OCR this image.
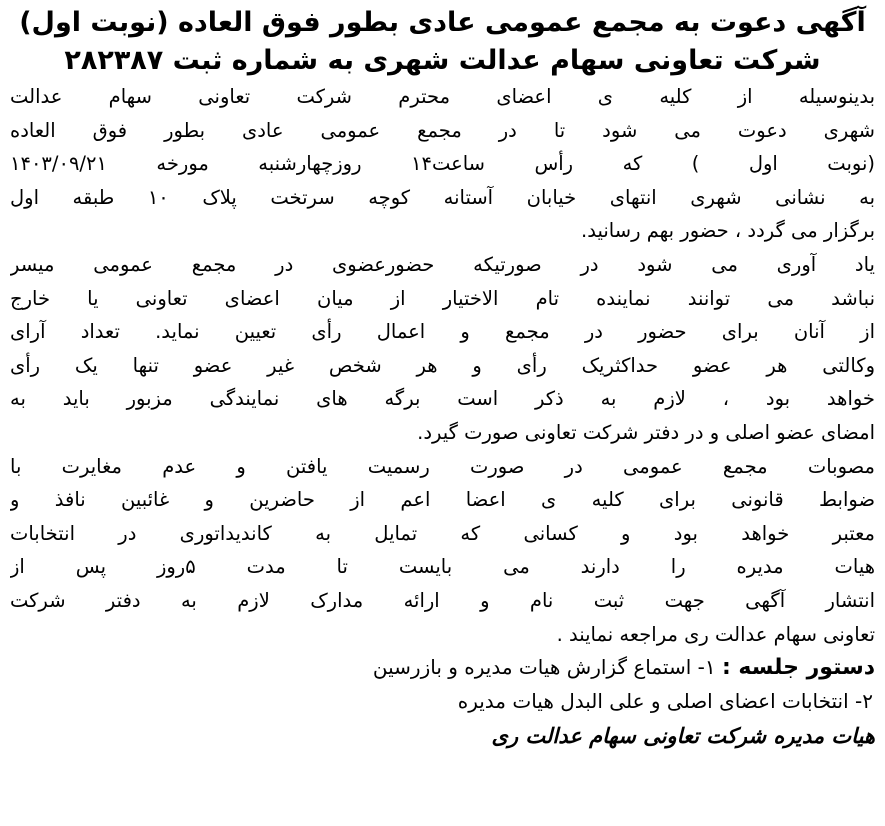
آگهی دعوت به مجمع عمومی عادی بطور فوق العاده (نوبت اول)
شرکت تعاونی سهام عدالت شهری به شماره ثبت ۲۸۲۳۸۷

بدینوسیله از کلیه ی اعضای محترم شرکت تعاونی سهام عدالت
شهری دعوت می شود تا در مجمع عمومی عادی بطور فوق العاده
(نوبت اول ) که رأس ساعت۱۴ روزچهارشنبه مورخه ۱۴۰۳/۰۹/۲۱
به نشانی شهری انتهای خیابان آستانه کوچه سرتخت پلاک ۱۰ طبقه اول
برگزار می گردد ، حضور بهم رسانید.

یاد آوری می شود در صورتیکه حضورعضوی در مجمع عمومی میسر
نباشد می توانند نماینده تام الاختیار از میان اعضای تعاونی یا خارج
از آنان برای حضور در مجمع و اعمال رأی تعیین نماید. تعداد آرای
وکالتی هر عضو حداکثریک رأی و هر شخص غیر عضو تنها یک رأی
خواهد بود ، لازم به ذکر است برگه های نمایندگی مزبور باید به
امضای عضو اصلی و در دفتر شرکت تعاونی صورت گیرد.

مصوبات مجمع عمومی در صورت رسمیت یافتن و عدم مغایرت با
ضوابط قانونی برای کلیه ی اعضا اعم از حاضرین و غائبین نافذ و
معتبر خواهد بود و کسانی که تمایل به کاندیداتوری در انتخابات
هیات مدیره را دارند می بایست تا مدت ۵روز پس از
انتشار آگهی جهت ثبت نام و ارائه مدارک لازم به دفتر شرکت
تعاونی سهام عدالت ری مراجعه نمایند .

دستور جلسه : ۱- استماع گزارش هیات مدیره و بازرسین
۲- انتخابات اعضای اصلی و علی البدل هیات مدیره

هیات مدیره شرکت تعاونی سهام عدالت ری
